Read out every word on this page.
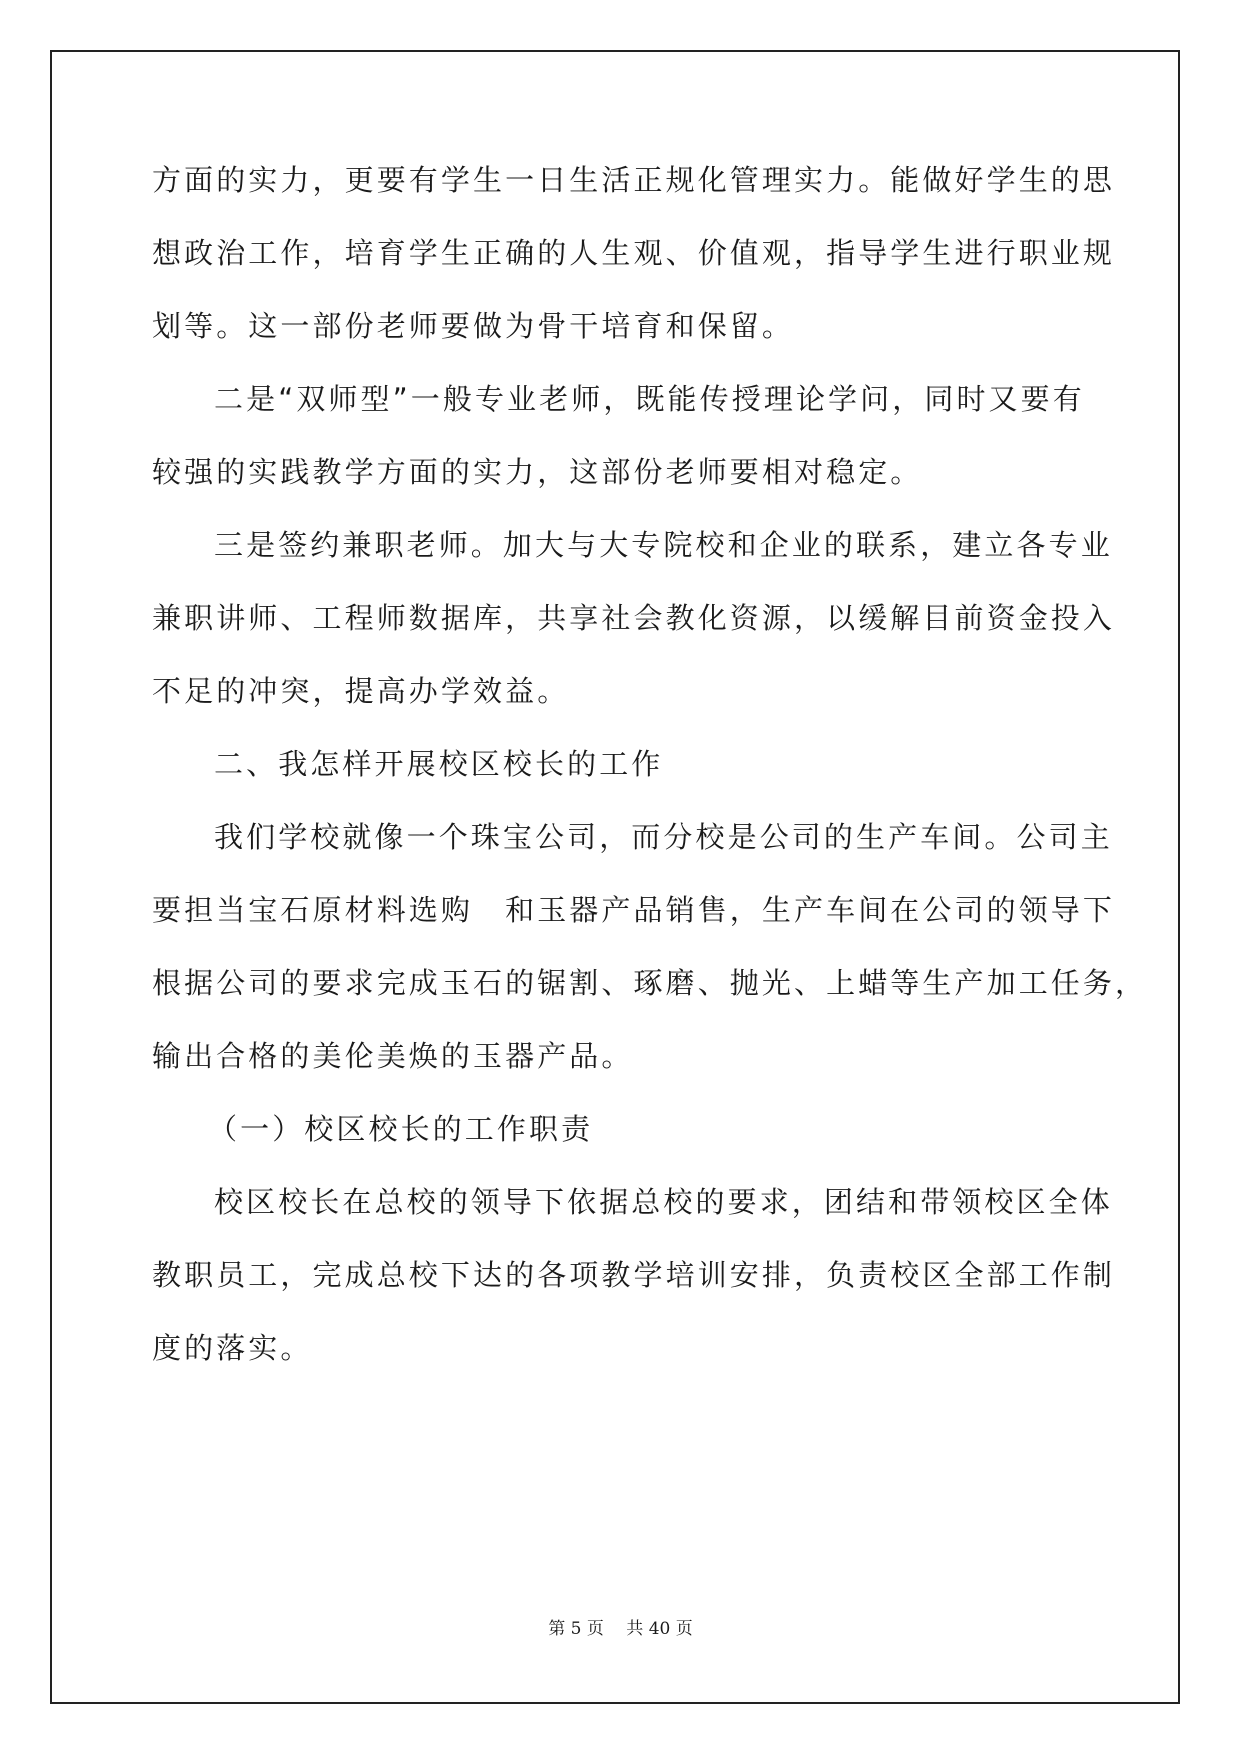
方面的实力，更要有学生一日生活正规化管理实力。能做好学生的思
想政治工作，培育学生正确的人生观、价值观，指导学生进行职业规
划等。这一部份老师要做为骨干培育和保留。
二是“双师型”一般专业老师，既能传授理论学问，同时又要有
较强的实践教学方面的实力，这部份老师要相对稳定。
三是签约兼职老师。加大与大专院校和企业的联系，建立各专业
兼职讲师、工程师数据库，共享社会教化资源，以缓解目前资金投入
不足的冲突，提高办学效益。
二、我怎样开展校区校长的工作
我们学校就像一个珠宝公司，而分校是公司的生产车间。公司主
要担当宝石原材料选购　和玉器产品销售，生产车间在公司的领导下
根据公司的要求完成玉石的锯割、琢磨、抛光、上蜡等生产加工任务，
输出合格的美伦美焕的玉器产品。
（一）校区校长的工作职责
校区校长在总校的领导下依据总校的要求，团结和带领校区全体
教职员工，完成总校下达的各项教学培训安排，负责校区全部工作制
度的落实。
第 5 页　 共 40 页
